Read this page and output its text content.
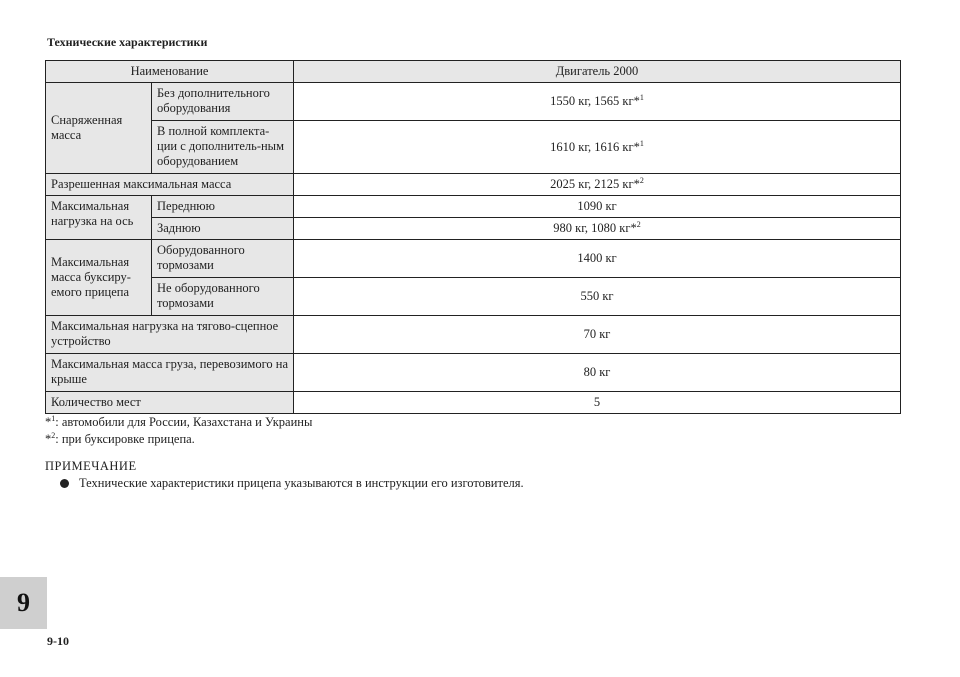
Технические характеристики
Наименование		Двигатель 2000
Снаряженная масса	Без дополнительного оборудования	1550 кг, 1565 кг*$^1$
	В полной комплекта-ции с дополнитель-ным оборудованием	1610 кг, 1616 кг*$^1$
Разрешенная максимальная масса		2025 кг, 2125 кг*$^2$
Максимальная нагрузка на ось	Переднюю	1090 кг
	Заднюю	980 кг, 1080 кг*$^2$
Максимальная масса буксиру-емого прицепа	Оборудованного тормозами	1400 кг
	Не оборудованного тормозами	550 кг
Максимальная нагрузка на тягово-сцепное устройство		70 кг
Максимальная масса груза, перевозимого на крыше		80 кг
Количество мест		5
*$^1$: автомобили для России, Казахстана и Украины
*$^2$: при буксировке прицепа.
ПРИМЕЧАНИЕ
Технические характеристики прицепа указываются в инструкции его изготовителя.
9
9-10
